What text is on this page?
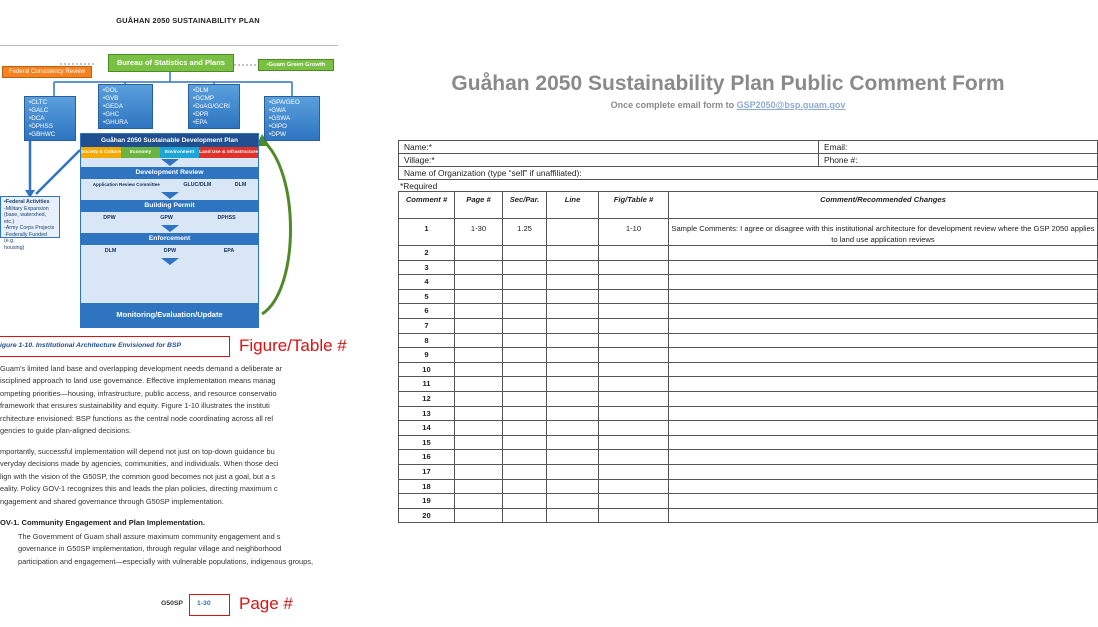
GUÅHAN 2050 SUSTAINABILITY PLAN
Federal Consistency Review
Bureau of Statistics and Plans	•Guam Green Growth
•CLTC
•GALC
•DCA
•DPHSS
•GBHWC
•DOL
•GVB
•GEDA
•GHC
•GHURA
•DLM
•GCMP
•DoAG/GCRI
•DPR
•EPA
•GPA/GEO
•GWA
•GSWA
•OIPO
•DPW
•Federal Activities
-Military Expansion
(base, watershed, etc.)
-Army Corps Projects
-Federally Funded (e.g.
housing)
Guåhan 2050 Sustainable Development Plan
Society & Culture	Economy	Environment	Land Use & Infrastructure
Development Review
Application Review Committee	GLUC/DLM	DLM
Building Permit
DPW	GPW	DPHSS
Enforcement
DLM	DPW	EPA
Monitoring/Evaluation/Update
igure 1-10. Institutional Architecture Envisioned for BSP	Figure/Table #
Guam's limited land base and overlapping development needs demand a deliberate ar
isciplined approach to land use governance. Effective implementation means manag
ompeting priorities—housing, infrastructure, public access, and resource conservatio
framework that ensures sustainability and equity. Figure 1-10 illustrates the instituti
rchitecture envisioned: BSP functions as the central node coordinating across all rel
gencies to guide plan-aligned decisions.
mportantly, successful implementation will depend not just on top-down guidance bu
veryday decisions made by agencies, communities, and individuals. When those deci
lign with the vision of the G50SP, the common good becomes not just a goal, but a s
eality. Policy GOV-1 recognizes this and leads the plan policies, directing maximum c
ngagement and shared governance through G50SP implementation.
OV-1. Community Engagement and Plan Implementation.
The Government of Guam shall assure maximum community engagement and s
governance in G50SP implementation, through regular village and neighborhood
participation and engagement—especially with vulnerable populations, indigenous groups,
G50SP 1-30 Page #
Guåhan 2050 Sustainability Plan Public Comment Form
Once complete email form to GSP2050@bsp.guam.gov
Name:*	Email:
Village:*	Phone #:
Name of Organization (type “self” if unaffiliated):	
*Required
Comment #	Page #	Sec/Par.	Line	Fig/Table #	Comment/Recommended Changes
1	1-30	1.25		1-10	Sample Comments: I agree or disagree with this institutional architecture for development review where the GSP 2050 applies to land use application reviews
2					
3					
4					
5					
6					
7					
8					
9					
10					
11					
12					
13					
14					
15					
16					
17					
18					
19					
20					
